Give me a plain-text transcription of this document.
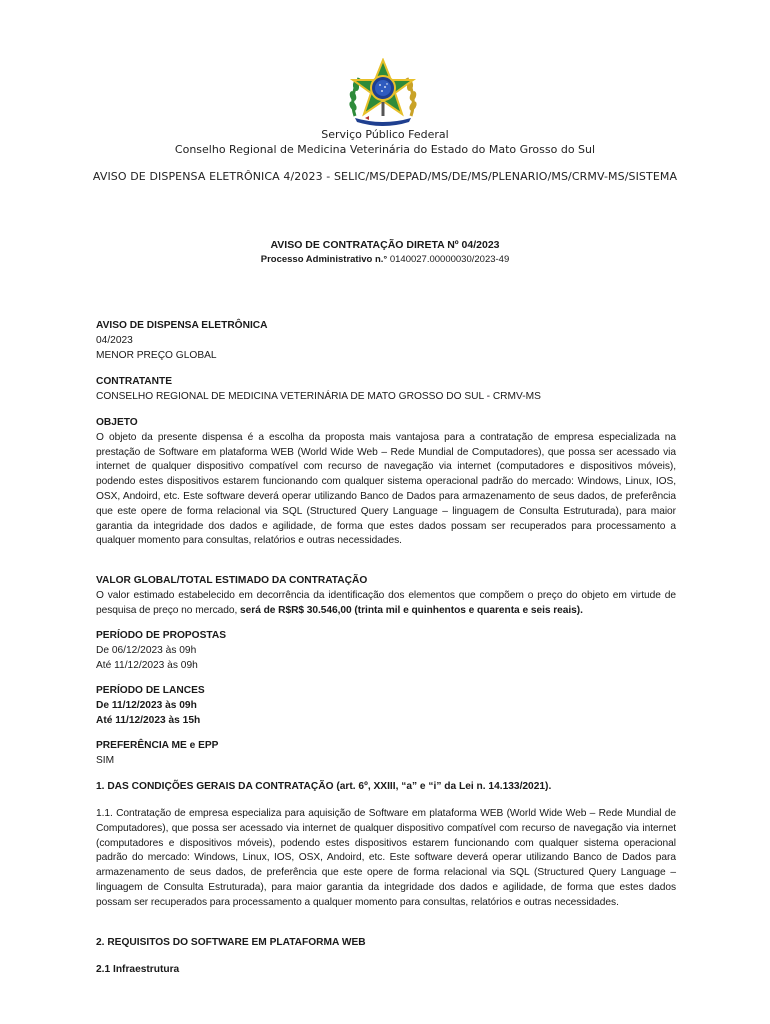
Serviço Público Federal
Conselho Regional de Medicina Veterinária do Estado do Mato Grosso do Sul
AVISO DE DISPENSA ELETRÔNICA 4/2023 - SELIC/MS/DEPAD/MS/DE/MS/PLENARIO/MS/CRMV-MS/SISTEMA
AVISO DE CONTRATAÇÃO DIRETA Nº 04/2023
Processo Administrativo n.° 0140027.00000030/2023-49

AVISO DE DISPENSA ELETRÔNICA

04/2023

MENOR PREÇO GLOBAL

CONTRATANTE

CONSELHO REGIONAL DE MEDICINA VETERINÁRIA DE MATO GROSSO DO SUL - CRMV-MS

OBJETO

O objeto da presente dispensa é a escolha da proposta mais vantajosa para a contratação de empresa especializada na prestação de Software em plataforma WEB (World Wide Web – Rede Mundial de Computadores), que possa ser acessado via internet de qualquer dispositivo compatível com recurso de navegação via internet (computadores e dispositivos móveis), podendo estes dispositivos estarem funcionando com qualquer sistema operacional padrão do mercado: Windows, Linux, IOS, OSX, Andoird, etc. Este software deverá operar utilizando Banco de Dados para armazenamento de seus dados, de preferência que este opere de forma relacional via SQL (Structured Query Language – linguagem de Consulta Estruturada), para maior garantia da integridade dos dados e agilidade, de forma que estes dados possam ser recuperados para processamento a qualquer momento para consultas, relatórios e outras necessidades.

VALOR GLOBAL/TOTAL ESTIMADO DA CONTRATAÇÃO

O valor estimado estabelecido em decorrência da identificação dos elementos que compõem o preço do objeto em virtude de pesquisa de preço no mercado, será de R$R$ 30.546,00 (trinta mil e quinhentos e quarenta e seis reais).

PERÍODO DE PROPOSTAS

De 06/12/2023 às 09h

Até 11/12/2023 às 09h

PERÍODO DE LANCES

De 11/12/2023 às 09h

Até 11/12/2023 às 15h

PREFERÊNCIA ME e EPP

SIM

1. DAS CONDIÇÕES GERAIS DA CONTRATAÇÃO (art. 6º, XXIII, “a” e “i” da Lei n. 14.133/2021).

1.1. Contratação de empresa especializa para aquisição de Software em plataforma WEB (World Wide Web – Rede Mundial de Computadores), que possa ser acessado via internet de qualquer dispositivo compatível com recurso de navegação via internet (computadores e dispositivos móveis), podendo estes dispositivos estarem funcionando com qualquer sistema operacional padrão do mercado: Windows, Linux, IOS, OSX, Andoird, etc. Este software deverá operar utilizando Banco de Dados para armazenamento de seus dados, de preferência que este opere de forma relacional via SQL (Structured Query Language – linguagem de Consulta Estruturada), para maior garantia da integridade dos dados e agilidade, de forma que estes dados possam ser recuperados para processamento a qualquer momento para consultas, relatórios e outras necessidades.

2. REQUISITOS DO SOFTWARE EM PLATAFORMA WEB

2.1 Infraestrutura
